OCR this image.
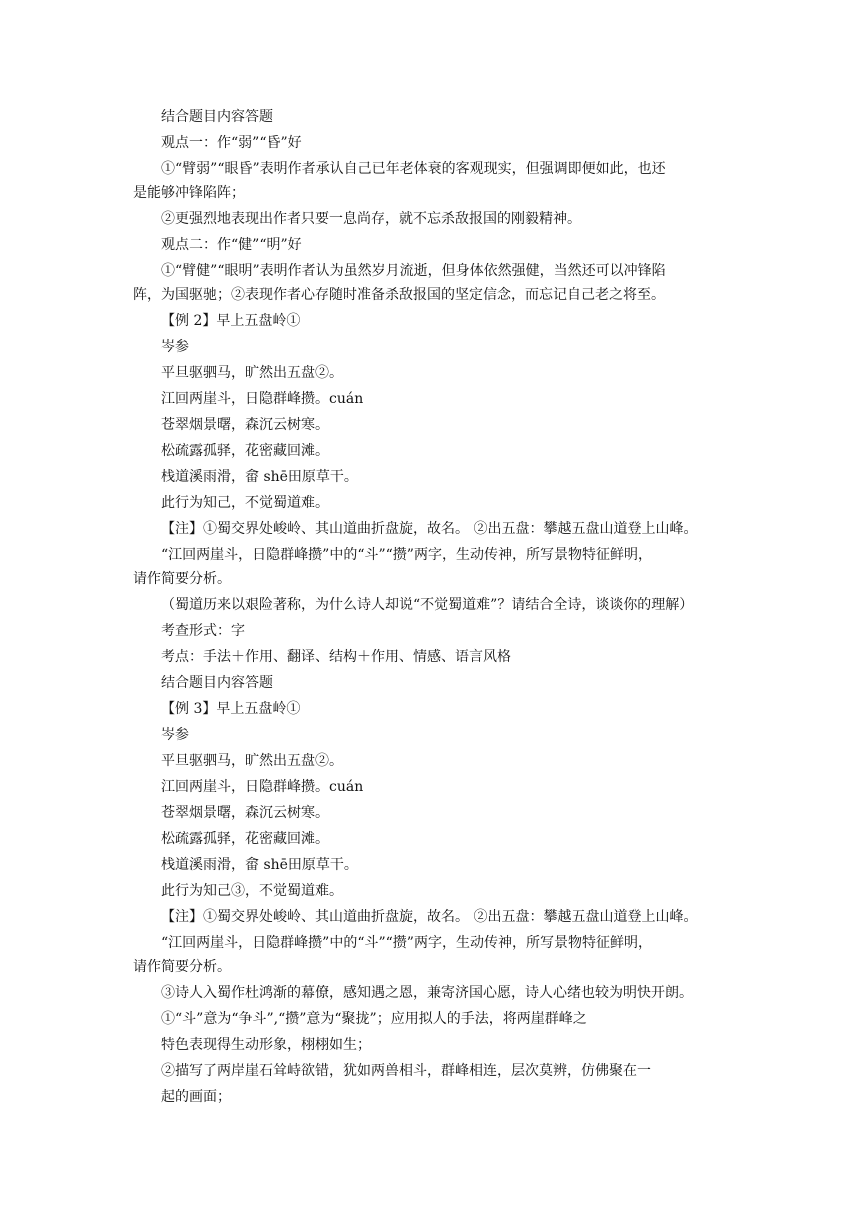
结合题目内容答题
观点一：作“弱”“昏”好
①“臂弱”“眼昏”表明作者承认自己已年老体衰的客观现实，但强调即便如此，也还
是能够冲锋陷阵；
②更强烈地表现出作者只要一息尚存，就不忘杀敌报国的刚毅精神。
观点二：作“健”“明”好
①“臂健”“眼明”表明作者认为虽然岁月流逝，但身体依然强健，当然还可以冲锋陷
阵，为国驱驰；②表现作者心存随时准备杀敌报国的坚定信念，而忘记自己老之将至。
【例 2】早上五盘岭①
岑参
平旦驱驷马，旷然出五盘②。
江回两崖斗，日隐群峰攒。cuán
苍翠烟景曙，森沉云树寒。
松疏露孤驿，花密藏回滩。
栈道溪雨滑，畲 shē田原草干。
此行为知己，不觉蜀道难。
【注】①蜀交界处峻岭、其山道曲折盘旋，故名。 ②出五盘：攀越五盘山道登上山峰。
“江回两崖斗，日隐群峰攒”中的“斗”“攒”两字，生动传神，所写景物特征鲜明，
请作简要分析。
（蜀道历来以艰险著称，为什么诗人却说“不觉蜀道难”？请结合全诗，谈谈你的理解）
考查形式：字
考点：手法＋作用、翻译、结构＋作用、情感、语言风格
结合题目内容答题
【例 3】早上五盘岭①
岑参
平旦驱驷马，旷然出五盘②。
江回两崖斗，日隐群峰攒。cuán
苍翠烟景曙，森沉云树寒。
松疏露孤驿，花密藏回滩。
栈道溪雨滑，畲 shē田原草干。
此行为知己③，不觉蜀道难。
【注】①蜀交界处峻岭、其山道曲折盘旋，故名。 ②出五盘：攀越五盘山道登上山峰。
“江回两崖斗，日隐群峰攒”中的“斗”“攒”两字，生动传神，所写景物特征鲜明，
请作简要分析。
③诗人入蜀作杜鸿渐的幕僚，感知遇之恩，兼寄济国心愿，诗人心绪也较为明快开朗。
①“斗”意为“争斗”,“攒”意为“聚拢”；应用拟人的手法，将两崖群峰之
特色表现得生动形象，栩栩如生；
②描写了两岸崖石耸峙欲错，犹如两兽相斗，群峰相连，层次莫辨，仿佛聚在一
起的画面；
